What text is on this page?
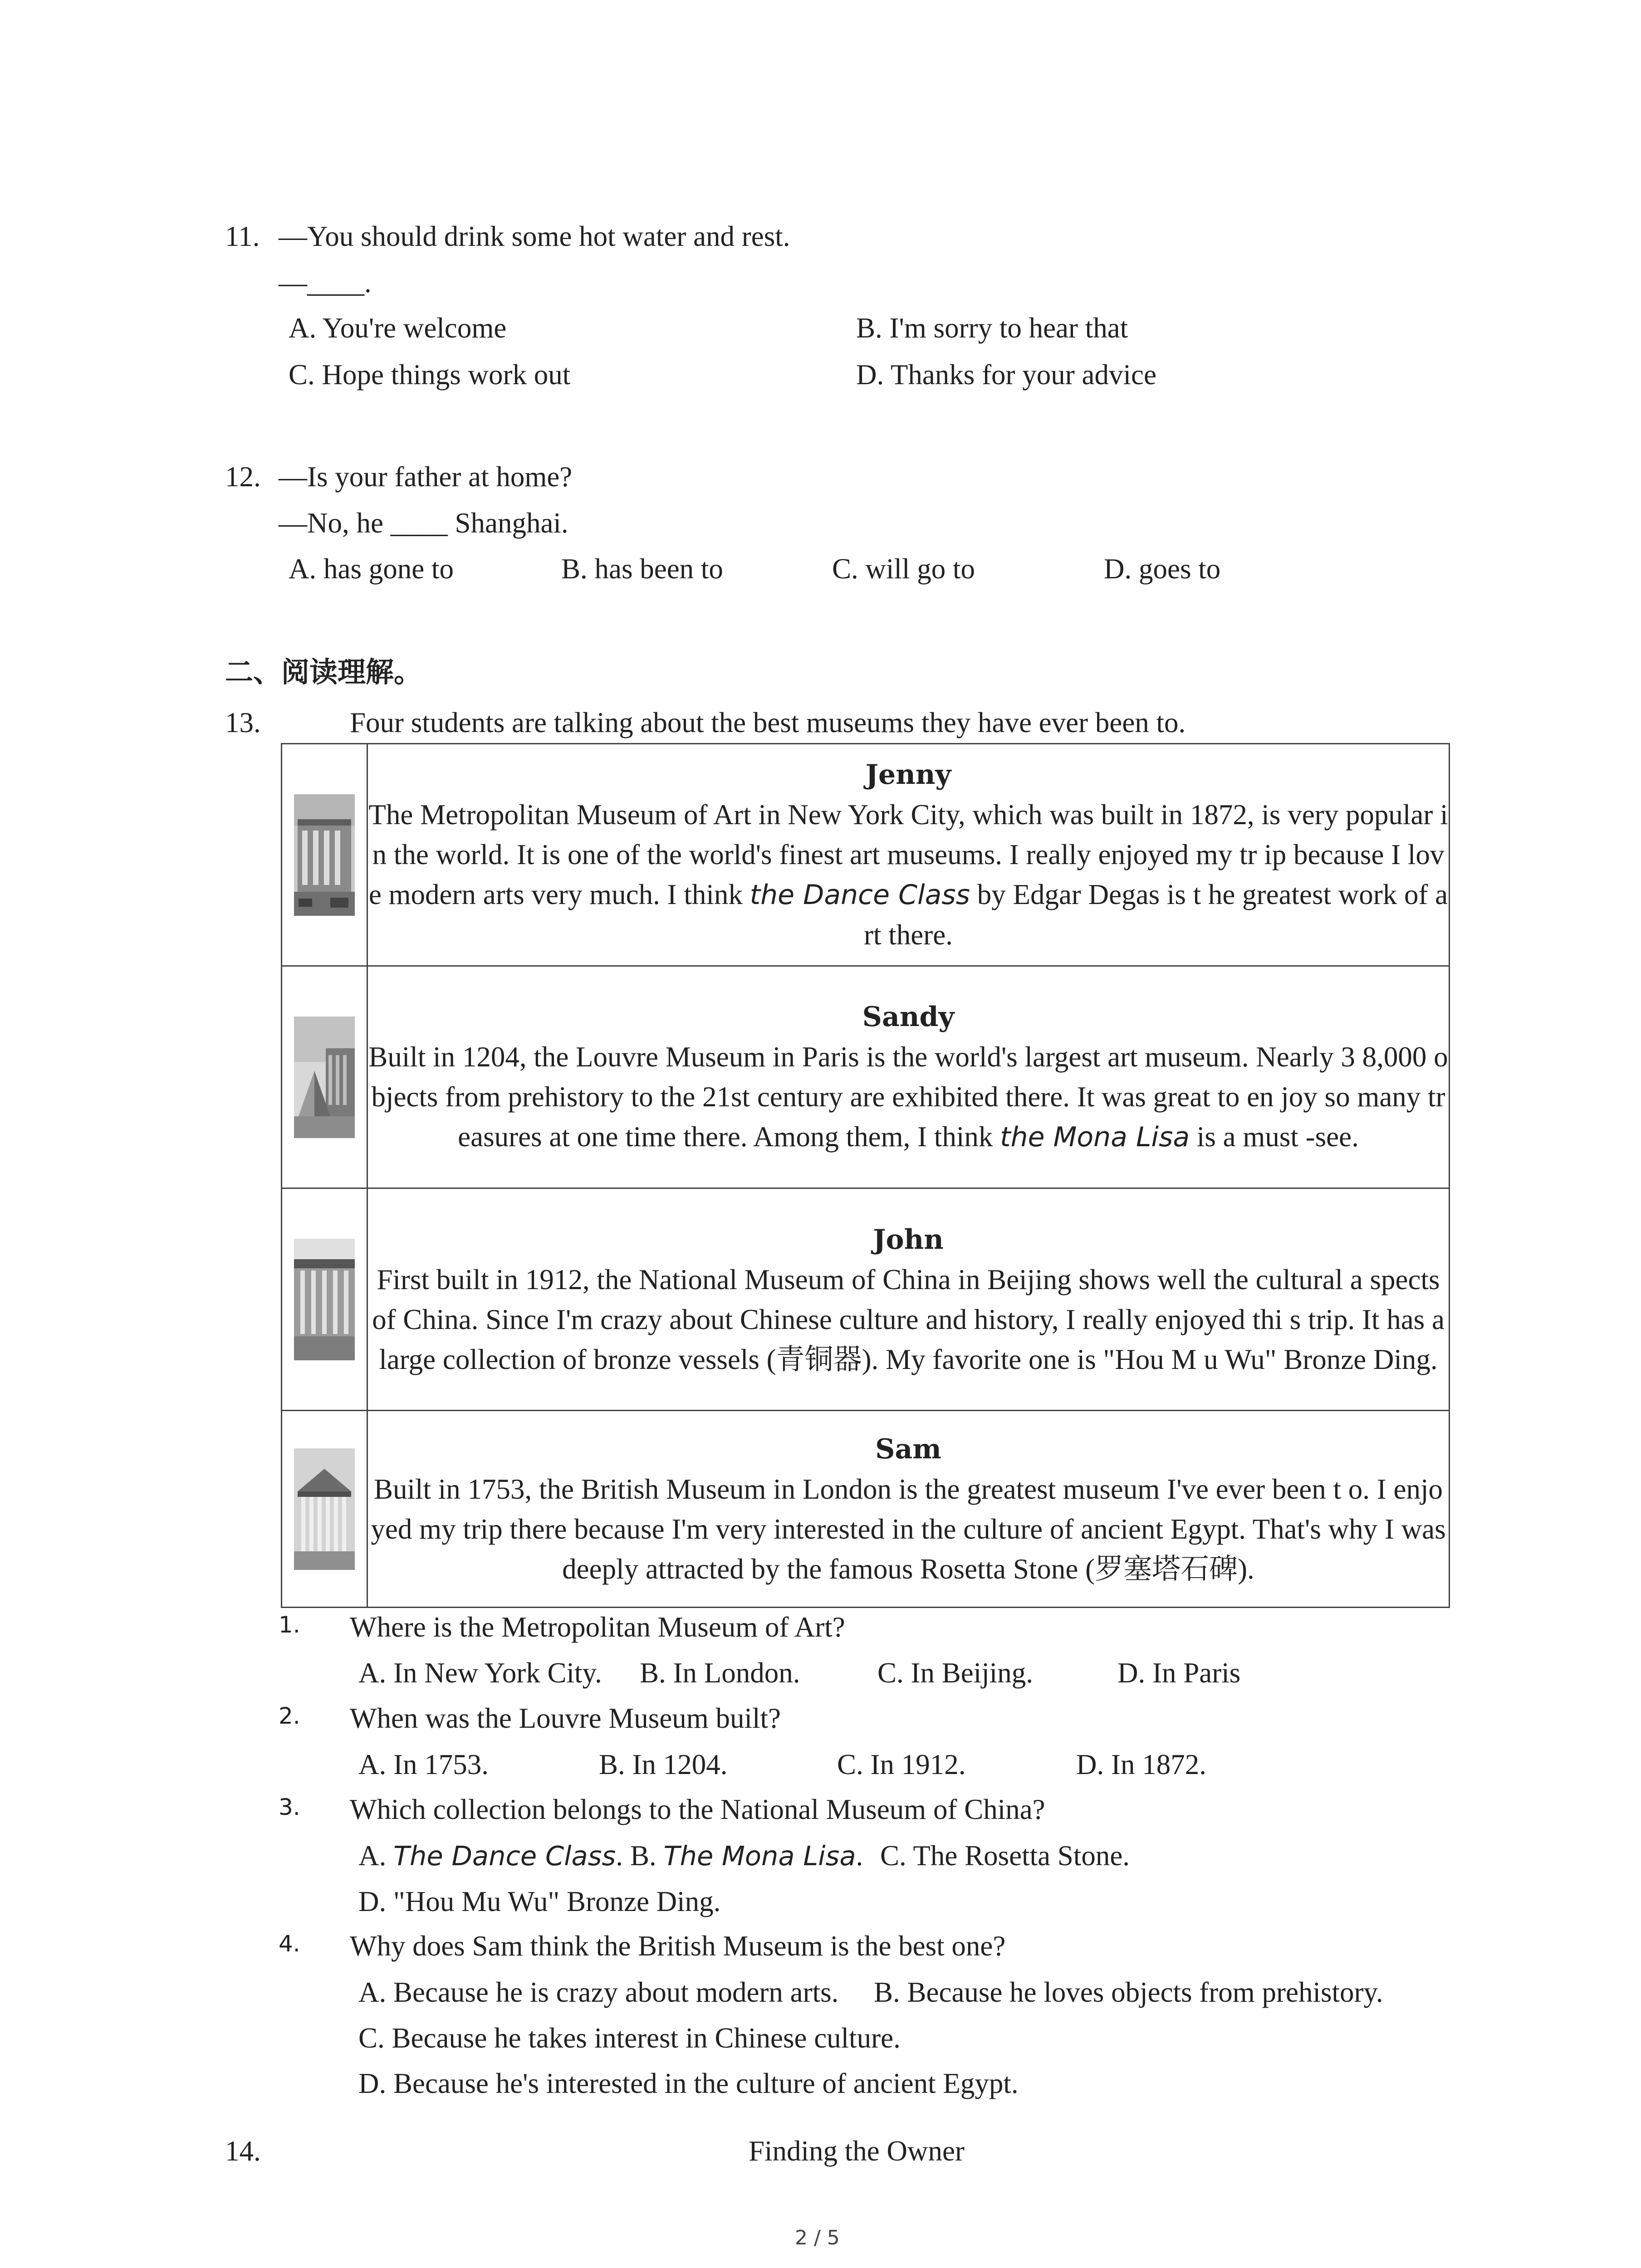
11. —You should drink some hot water and rest.
—____.
A. You're welcome	B. I'm sorry to hear that
C. Hope things work out	D. Thanks for your advice
12. —Is your father at home?
—No, he ____ Shanghai.
A. has gone to	B. has been to	C. will go to	D. goes to
二、阅读理解。
13.	Four students are talking about the best museums they have ever been to.

Jenny
The Metropolitan Museum of Art in New York City, which was built in 1872, is very popular in the world. It is one of the world's finest art museums. I really enjoyed my tr ip because I love modern arts very much. I think the Dance Class by Edgar Degas is t he greatest work of art there.

Sandy
Built in 1204, the Louvre Museum in Paris is the world's largest art museum. Nearly 3 8,000 objects from prehistory to the 21st century are exhibited there. It was great to en joy so many treasures at one time there. Among them, I think the Mona Lisa is a must -see.

John
First built in 1912, the National Museum of China in Beijing shows well the cultural a spects of China. Since I'm crazy about Chinese culture and history, I really enjoyed thi s trip. It has a large collection of bronze vessels (青铜器). My favorite one is "Hou M u Wu" Bronze Ding.

Sam
Built in 1753, the British Museum in London is the greatest museum I've ever been t o. I enjoyed my trip there because I'm very interested in the culture of ancient Egypt. That's why I was deeply attracted by the famous Rosetta Stone (罗塞塔石碑).
1. Where is the Metropolitan Museum of Art?
A. In New York City. B. In London.	C. In Beijing.	D. In Paris
2. When was the Louvre Museum built?
A. In 1753.	B. In 1204.	C. In 1912.	D. In 1872.
3. Which collection belongs to the National Museum of China?
A. The Dance Class. B. The Mona Lisa. C. The Rosetta Stone.
D. "Hou Mu Wu" Bronze Ding.
4. Why does Sam think the British Museum is the best one?
A. Because he is crazy about modern arts. B. Because he loves objects from prehistory.
C. Because he takes interest in Chinese culture.
D. Because he's interested in the culture of ancient Egypt.
14.	Finding the Owner
2 / 5
